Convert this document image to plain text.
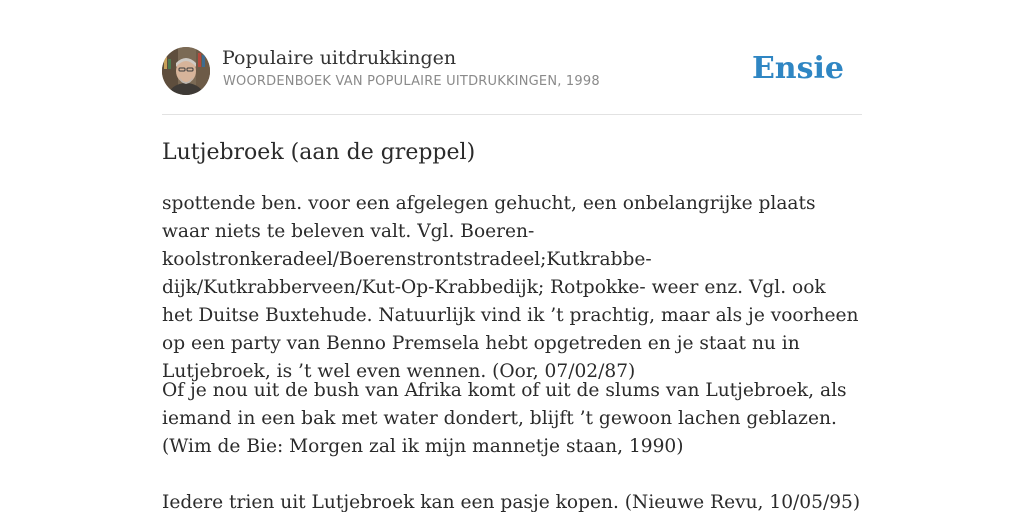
Populaire uitdrukkingen
WOORDENBOEK VAN POPULAIRE UITDRUKKINGEN, 1998	Ensie
Lutjebroek (aan de greppel)

spottende ben. voor een afgelegen gehucht, een onbelangrijke plaats waar niets te beleven valt. Vgl. Boeren- koolstronkeradeel/Boerenstrontstradeel;Kutkrabbe-dijk/Kutkrabberveen/Kut-Op-Krabbedijk; Rotpokke- weer enz. Vgl. ook het Duitse Buxtehude. Natuurlijk vind ik ’t prachtig, maar als je voorheen op een party van Benno Premsela hebt opgetreden en je staat nu in Lutjebroek, is ’t wel even wennen. (Oor, 07/02/87)

Of je nou uit de bush van Afrika komt of uit de slums van Lutjebroek, als iemand in een bak met water dondert, blijft ’t gewoon lachen geblazen. (Wim de Bie: Morgen zal ik mijn mannetje staan, 1990)

Iedere trien uit Lutjebroek kan een pasje kopen. (Nieuwe Revu, 10/05/95)
